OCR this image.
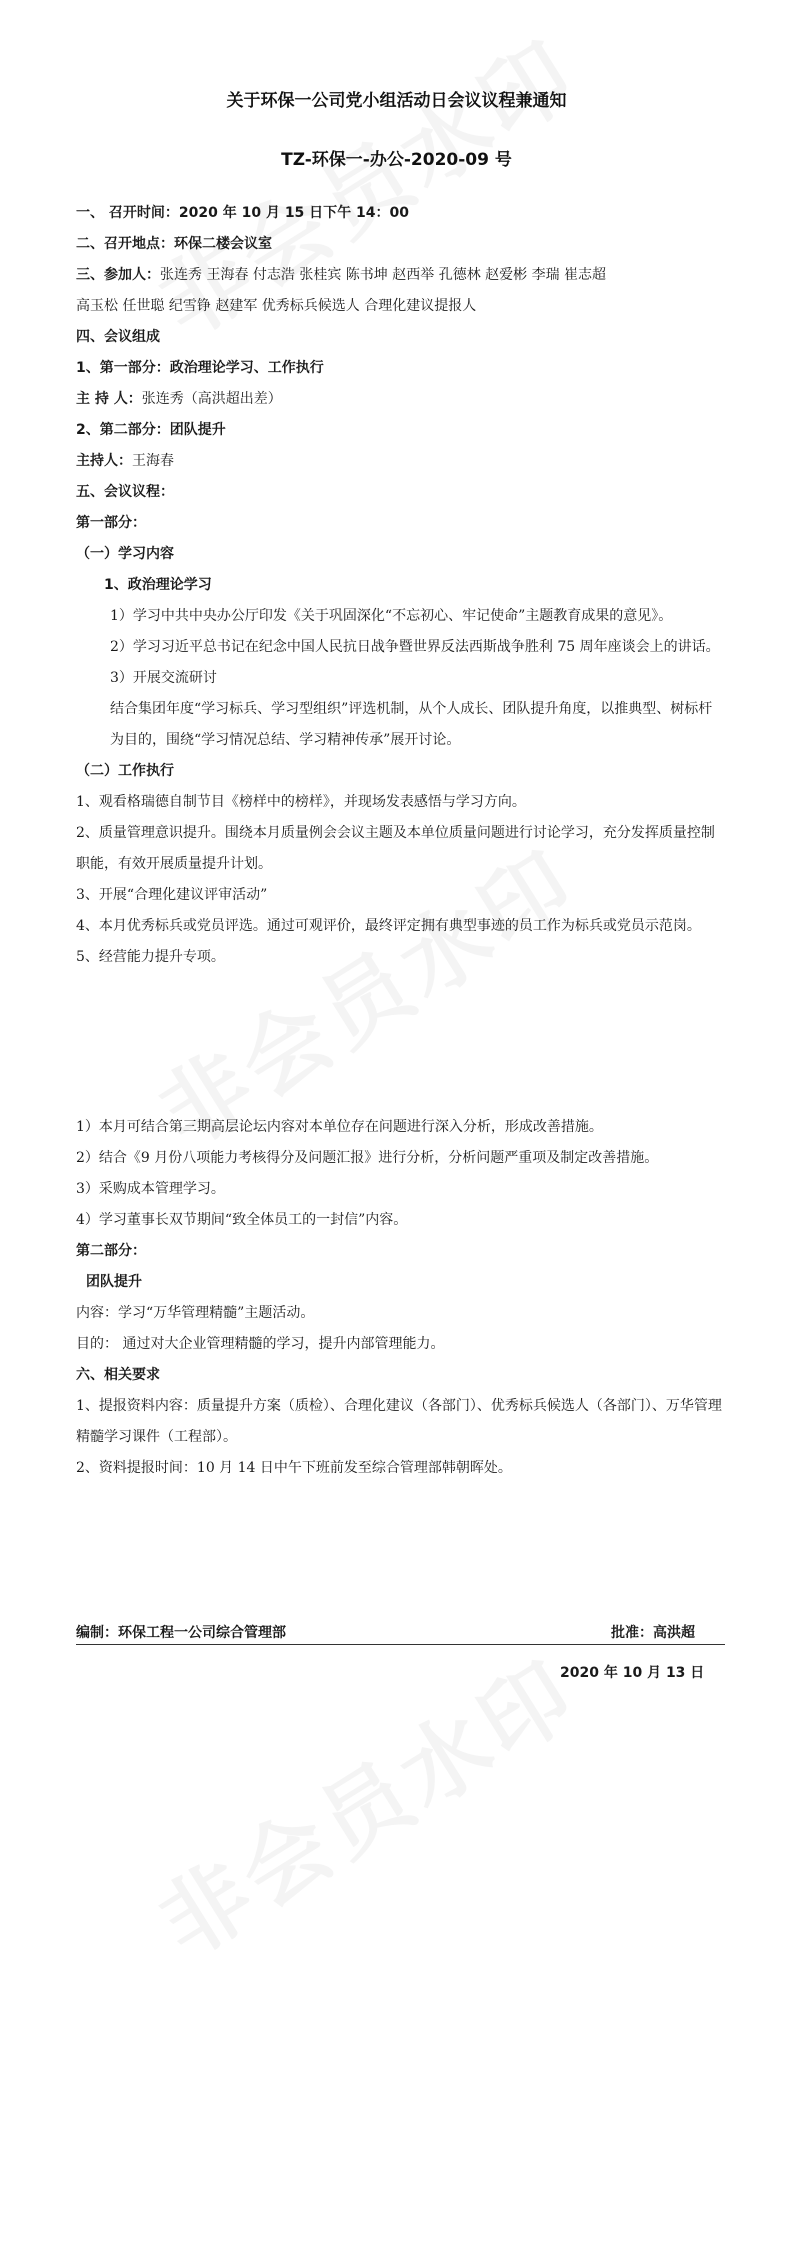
关于环保一公司党小组活动日会议议程兼通知
TZ-环保一-办公-2020-09 号
一、 召开时间：2020 年 10 月 15 日下午 14：00
二、召开地点：环保二楼会议室
三、参加人：张连秀 王海春 付志浩 张桂宾 陈书坤 赵西举 孔德林 赵爱彬 李瑞 崔志超
高玉松 任世聪 纪雪铮 赵建军 优秀标兵候选人 合理化建议提报人
四、会议组成
1、第一部分：政治理论学习、工作执行
主 持 人：张连秀（高洪超出差）
2、第二部分：团队提升
主持人：王海春
五、会议议程：
第一部分：
（一）学习内容
1、政治理论学习
1）学习中共中央办公厅印发《关于巩固深化“不忘初心、牢记使命”主题教育成果的意见》。
2）学习习近平总书记在纪念中国人民抗日战争暨世界反法西斯战争胜利 75 周年座谈会上的讲话。
3）开展交流研讨
结合集团年度“学习标兵、学习型组织”评选机制，从个人成长、团队提升角度，以推典型、树标杆为目的，围绕“学习情况总结、学习精神传承”展开讨论。
（二）工作执行
1、观看格瑞德自制节目《榜样中的榜样》，并现场发表感悟与学习方向。
2、质量管理意识提升。围绕本月质量例会会议主题及本单位质量问题进行讨论学习，充分发挥质量控制职能，有效开展质量提升计划。
3、开展“合理化建议评审活动”
4、本月优秀标兵或党员评选。通过可观评价，最终评定拥有典型事迹的员工作为标兵或党员示范岗。
5、经营能力提升专项。
1）本月可结合第三期高层论坛内容对本单位存在问题进行深入分析，形成改善措施。
2）结合《9 月份八项能力考核得分及问题汇报》进行分析，分析问题严重项及制定改善措施。
3）采购成本管理学习。
4）学习董事长双节期间“致全体员工的一封信”内容。
第二部分：
团队提升
内容：学习“万华管理精髓”主题活动。
目的： 通过对大企业管理精髓的学习，提升内部管理能力。
六、相关要求
1、提报资料内容：质量提升方案（质检）、合理化建议（各部门）、优秀标兵候选人（各部门）、万华管理精髓学习课件（工程部）。
2、资料提报时间：10 月 14 日中午下班前发至综合管理部韩朝晖处。
编制：环保工程一公司综合管理部	批准：高洪超
2020 年 10 月 13 日
